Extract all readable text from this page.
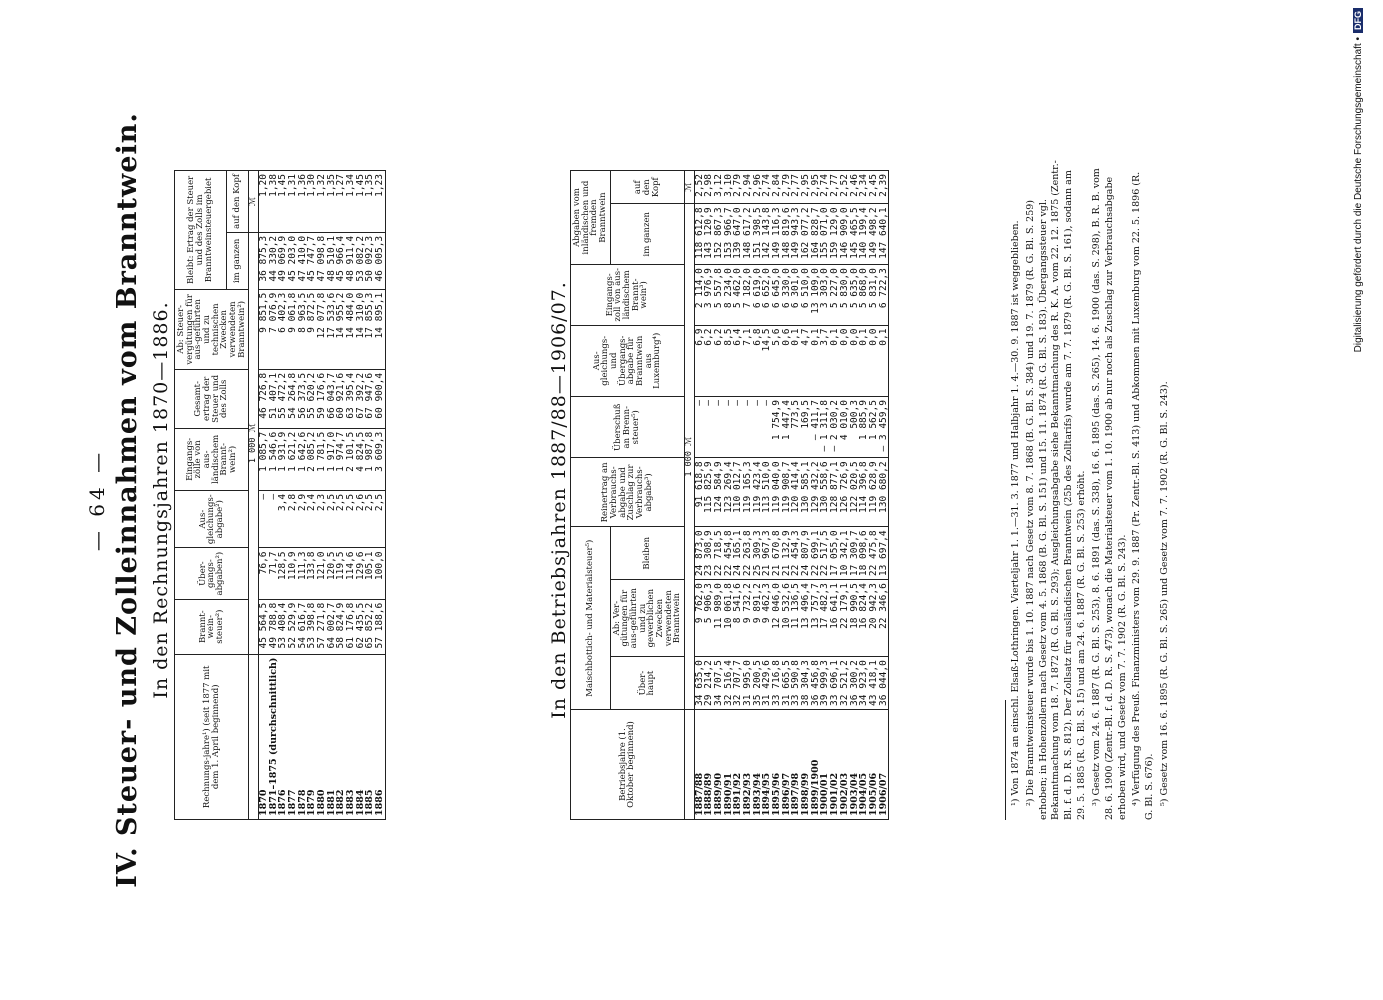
— 64 — IV. Steuer- und Zolleinnahmen vom Branntwein. In den Rechnungsjahren 1870—1886.
Rechnungs-jahre¹) (seit 1877 mit dem 1. April beginnend)	Brannt-wein-steuer²)	Über-gangs-abgaben²)	Aus-gleichungs-abgabe²)	Eingangs-zölle von aus-ländischem Brannt-wein²)	Gesamt-ertrag der Steuer und des Zolls	Ab: Steuer-vergütungen für aus-geführten und zu technischen Zwecken verwendeten Branntwein²)	Bleibt: Ertrag der Steuer und des Zolls im Branntweinsteuergebiet	
							im ganzen	auf den Kopf
	1 000 ℳ							ℳ
1870	45 564,5	76,6	—	1 085,7	46 726,8	9 851,5	36 875,3	1,20
1871–1875 (durchschnittlich)	49 788,8	71,7	—	1 546,6	51 407,1	7 076,9	44 330,2	1,38
1876	53 408,4	128,5	3,4	1 931,9	55 472,2	6 402,3	49 069,9	1,45
1877	52 529,9	110,9	2,8	1 621,2	54 264,8	9 061,8	45 203,0	1,31
1878	54 616,7	111,3	2,9	1 642,6	56 373,5	8 963,5	47 410,0	1,36
1879	53 398,8	133,8	2,4	2 085,2	55 620,2	9 872,5	45 747,7	1,30
1880	57 271,8	121,0	2,3	1 781,5	59 176,6	12 077,8	47 098,8	1,32
1881	64 002,7	120,5	2,5	1 917,0	66 043,7	17 533,6	48 510,1	1,35
1882	58 824,9	119,5	2,5	1 974,7	60 921,6	14 955,2	45 966,4	1,27
1883	61 176,8	114,6	2,5	2 101,5	63 395,4	14 484,0	48 911,4	1,34
1884	62 435,5	129,6	2,6	4 824,5	67 392,2	14 310,0	53 082,2	1,45
1885	65 852,2	105,1	2,5	1 987,8	67 947,6	17 855,3	50 092,3	1,35
1886	57 188,6	100,0	2,5	3 609,3	60 900,4	14 895,1	46 005,3	1,23
In den Betriebsjahren 1887/88—1906/07.
Betriebsjahre (1. Oktober beginnend)	Maischbottich- und Materialsteuer⁵)			Reinertrag an Verbrauchs-abgabe und Zuschlag zur Verbrauchs-abgabe³)	Überschuß an Brenn-steuer⁵)	Aus-gleichungs- und Übergangs-abgabe für Branntwein aus Luxemburg⁴)	Eingangs-zoll von aus-ländischem Brannt-wein³)	Abgaben vom inländischen und fremden Branntwein	
	Über-haupt	Ab: Ver-gütungen für aus-geführten und zu gewerblichen Zwecken verwendeten Branntwein	Bleiben					im ganzen	auf den Kopf
	1 000 ℳ								ℳ
1887/88	34 635,0	9 762,0	24 873,0	91 618,8	—	6,9	2 114,0	118 612,8	2,52
1888/89	29 214,2	5 906,3	23 308,9	115 825,9	—	6,2	3 976,9	143 120,9	2,98
1889/90	34 707,5	11 989,0	22 718,5	124 584,9	—	6,2	5 557,8	152 867,3	3,12
1890/91	32 516,4	10 061,8	22 454,8	123 269,4	—	8,5	8 234,0	153 966,7	3,10
1891/92	32 707,7	8 541,6	24 165,1	110 012,7	—	6,4	5 462,0	139 647,0	2,79
1892/93	31 995,0	9 732,2	22 263,8	119 165,3	—	7,1	7 182,0	148 617,2	2,94
1893/94	35 200,5	9 891,2	25 309,3	119 423,4	—	6,8	6 619,0	151 398,5	2,96
1894/95	31 429,6	9 462,3	21 967,3	113 510,0	—	14,5	6 652,0	142 143,8	2,74
1895/96	33 716,8	12 046,0	21 670,8	119 040,0	1 754,9	5,6	6 645,0	149 116,3	2,84
1896/97	31 665,5	10 532,6	21 132,9	119 908,7	1 447,4	0,6	6 330,0	148 819,6	2,79
1897/98	33 590,8	11 136,5	22 454,3	120 414,4	773,5	0,1	6 301,0	149 943,3	2,77
1898/99	38 304,3	13 496,4	24 807,9	130 585,1	169,5	4,7	6 510,0	162 077,2	2,95
1899/1900	36 456,8	13 757,7	22 699,1	129 432,2	— 411,7	0,1	13 109,0	164 828,7	2,95
1900/01	39 999,3	17 482,3	22 517,5	130 558,6	— 1 311,8	3,7	3 303,0	155 071,0	2,74
1901/02	33 696,1	16 641,1	17 055,0	128 877,1	— 2 030,2	0,1	5 227,0	159 129,0	2,77
1902/03	32 521,2	22 179,1	10 342,1	126 726,9	4 010,0	0,0	5 830,0	146 909,0	2,52
1903/04	36 300,2	18 990,5	17 309,7	122 020,5	500,3	0,0	5 635,0	145 465,5	2,46
1904/05	34 923,0	16 824,4	18 098,6	114 396,8	1 885,9	0,1	5 868,0	140 199,4	2,34
1905/06	43 418,1	20 942,3	22 475,8	119 628,9	1 562,5	0,0	5 831,0	149 498,2	2,45
1906/07	36 044,0	22 346,6	13 697,4	130 680,2	— 3 459,9	0,1	6 722,3	147 640,1	2,39

¹) Von 1874 an einschl. Elsaß-Lothringen. Vierteljahr 1. 1.—31. 3. 1877 und Halbjahr 1. 4.—30. 9. 1887 ist weggeblieben. ²) Die Branntweinsteuer wurde bis 1. 10. 1887 nach Gesetz vom 8. 7. 1868 (B. G. Bl. S. 384) und 19. 7. 1879 (R. G. Bl. S. 259) erhoben; in Hohenzollern nach Gesetz vom 4. 5. 1868 (B. G. Bl. S. 151) und 15. 11. 1874 (R. G. Bl. S. 183). Übergangssteuer vgl. Bekanntmachung vom 18. 7. 1872 (R. G. Bl. S. 293); Ausgleichungsabgabe siehe Bekanntmachung des R. K. A. vom 22. 12. 1875 (Zentr.-Bl. f. d. D. R. S. 812). Der Zollsatz für ausländischen Branntwein (25b des Zolltarifs) wurde am 7. 7. 1879 (R. G. Bl. S. 161), sodann am 29. 5. 1885 (R. G. Bl. S. 15) und am 24. 6. 1887 (R. G. Bl. S. 253) erhöht. ³) Gesetz vom 24. 6. 1887 (R. G. Bl. S. 253), 8. 6. 1891 (das. S. 338), 16. 6. 1895 (das. S. 265), 14. 6. 1900 (das. S. 298), B. R. B. vom 28. 6. 1900 (Zentr.-Bl. f. d. D. R. S. 473), wonach die Materialsteuer vom 1. 10. 1900 ab nur noch als Zuschlag zur Verbrauchsabgabe erhoben wird, und Gesetz vom 7. 7. 1902 (R. G. Bl. S. 243). ⁴) Verfügung des Preuß. Finanzministers vom 29. 9. 1887 (Pr. Zentr.-Bl. S. 413) und Abkommen mit Luxemburg vom 22. 5. 1896 (R. G. Bl. S. 676). ⁵) Gesetz vom 16. 6. 1895 (R. G. Bl. S. 265) und Gesetz vom 7. 7. 1902 (R. G. Bl. S. 243).

Digitalisierung gefördert durch die Deutsche Forschungsgemeinschaft •DFG
